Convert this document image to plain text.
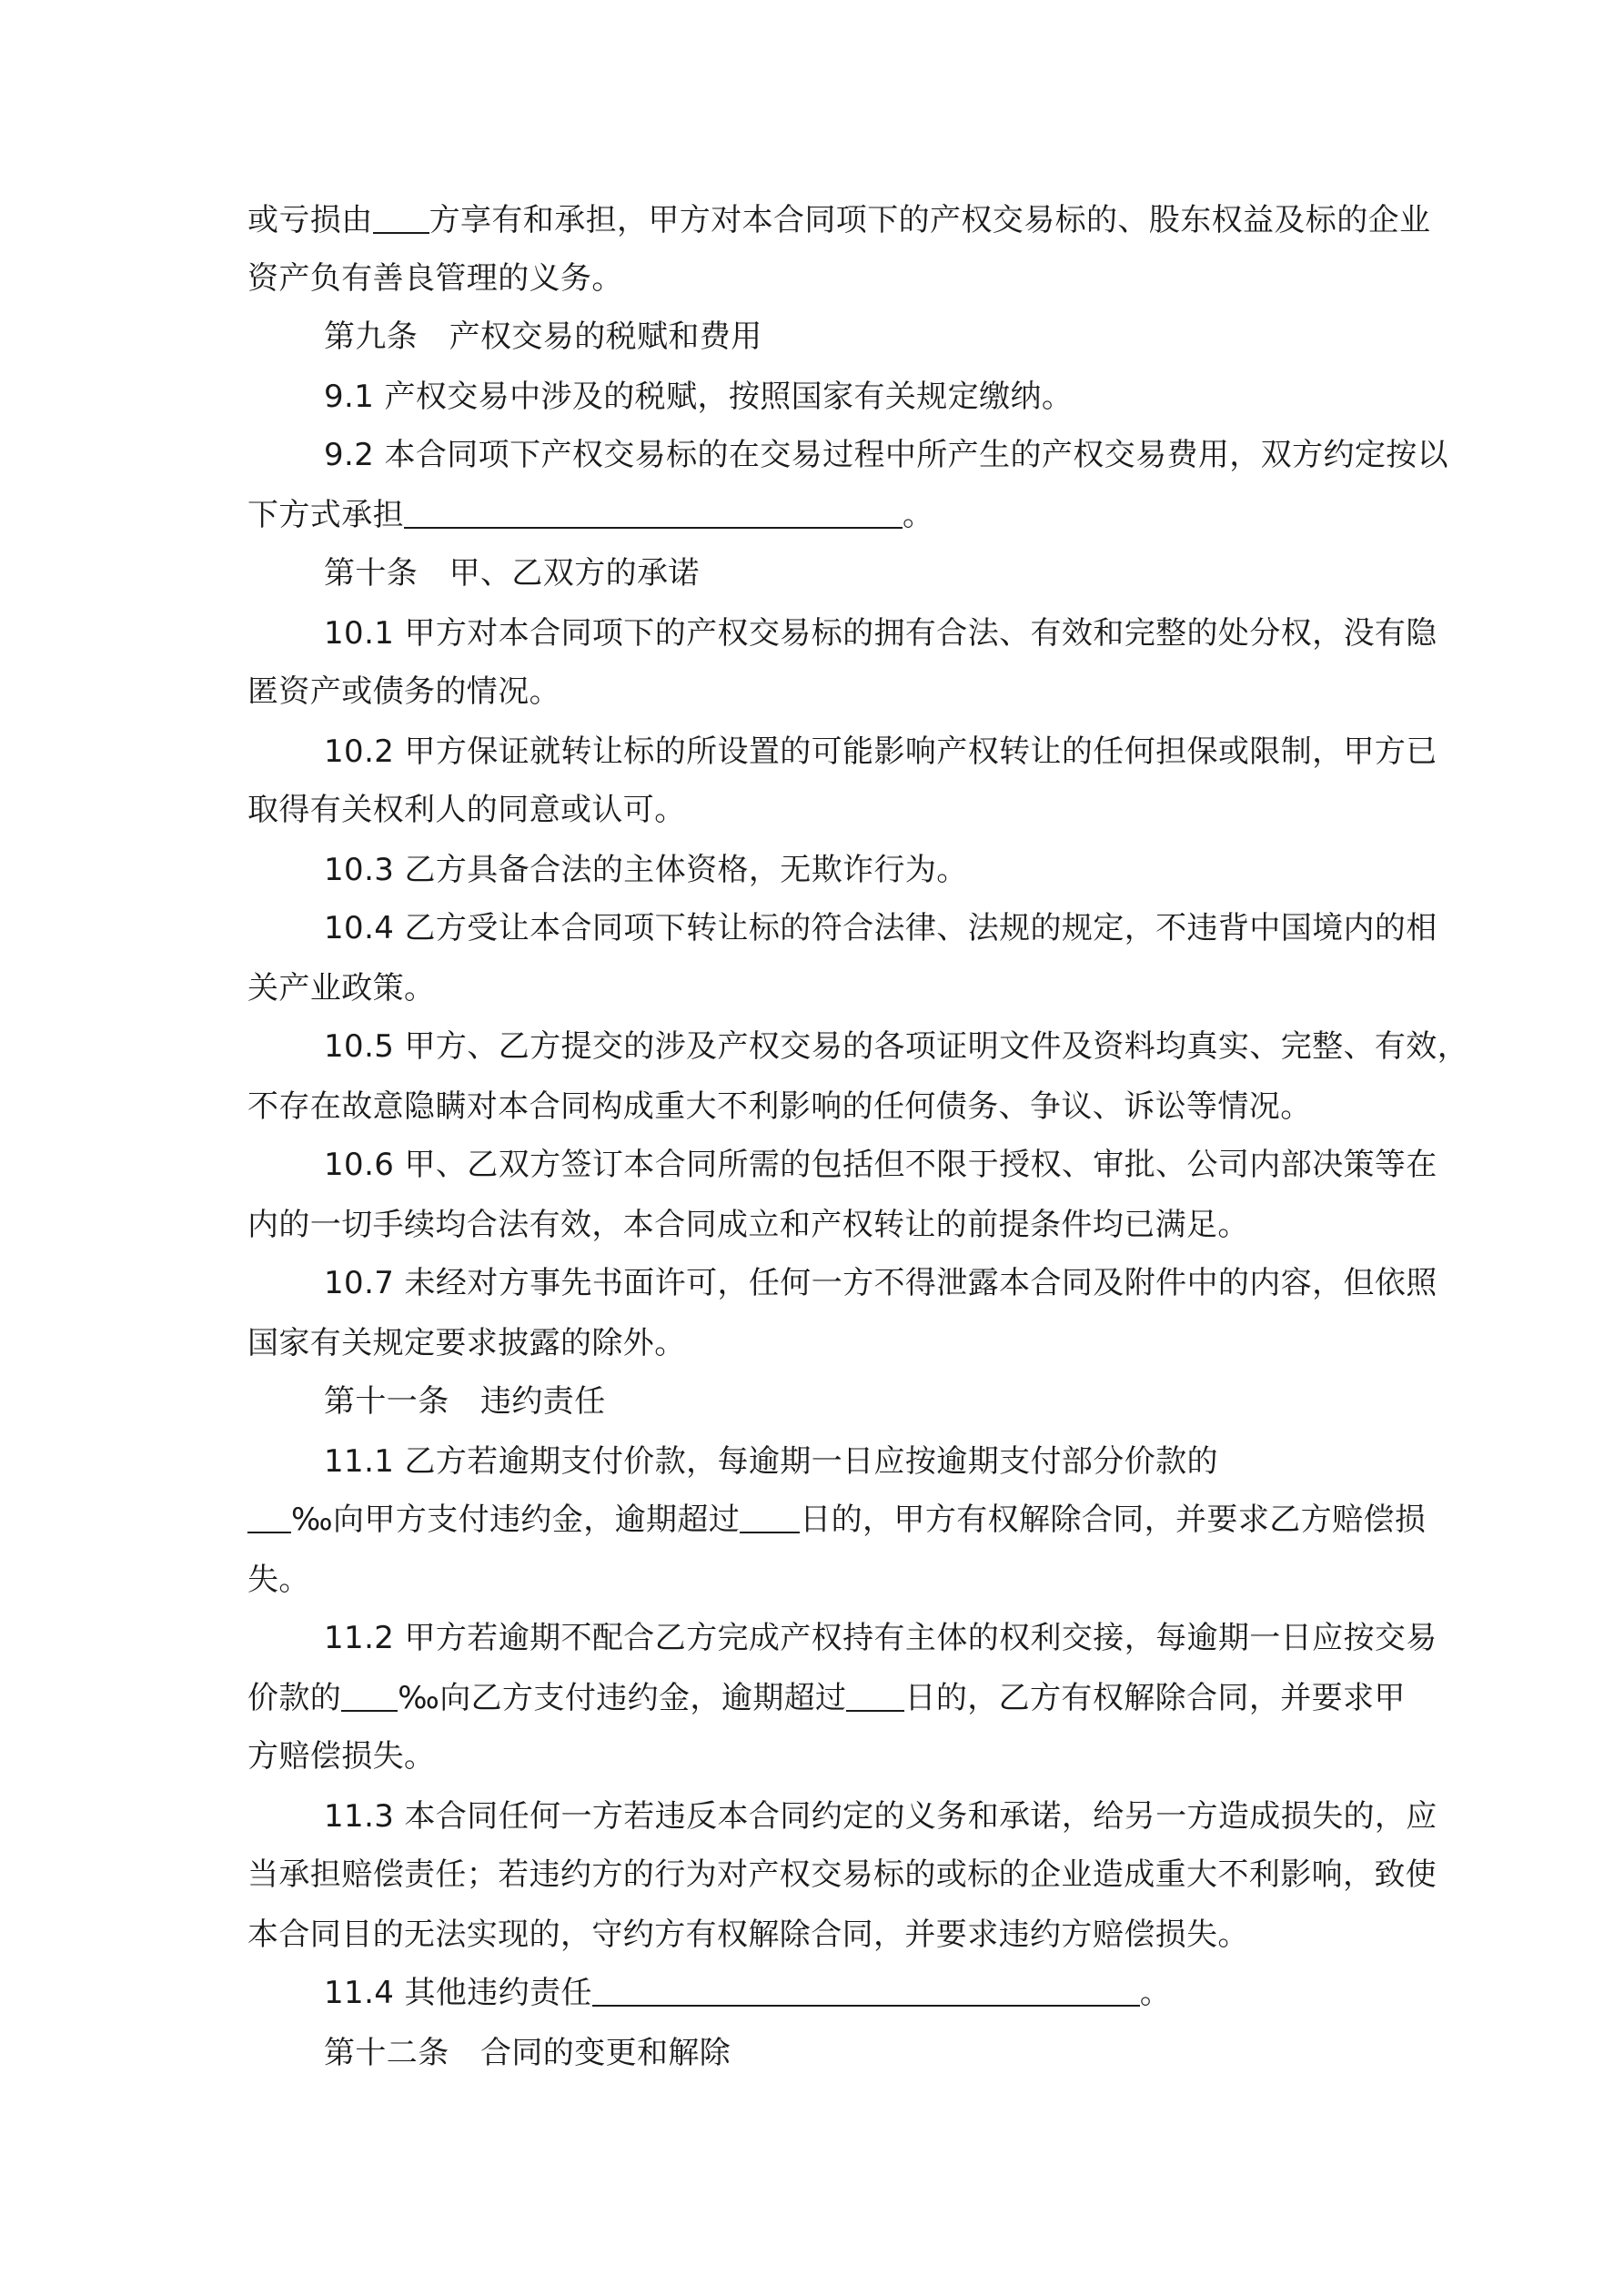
或亏损由 方享有和承担，甲方对本合同项下的产权交易标的、股东权益及标的企业
资产负有善良管理的义务。
第九条　产权交易的税赋和费用
9.1 产权交易中涉及的税赋，按照国家有关规定缴纳。
9.2 本合同项下产权交易标的在交易过程中所产生的产权交易费用，双方约定按以
下方式承担	。
第十条　甲、乙双方的承诺
10.1 甲方对本合同项下的产权交易标的拥有合法、有效和完整的处分权，没有隐
匿资产或债务的情况。
10.2 甲方保证就转让标的所设置的可能影响产权转让的任何担保或限制，甲方已
取得有关权利人的同意或认可。
10.3 乙方具备合法的主体资格，无欺诈行为。
10.4 乙方受让本合同项下转让标的符合法律、法规的规定，不违背中国境内的相
关产业政策。
10.5 甲方、乙方提交的涉及产权交易的各项证明文件及资料均真实、完整、有效，
不存在故意隐瞒对本合同构成重大不利影响的任何债务、争议、诉讼等情况。
10.6 甲、乙双方签订本合同所需的包括但不限于授权、审批、公司内部决策等在
内的一切手续均合法有效，本合同成立和产权转让的前提条件均已满足。
10.7 未经对方事先书面许可，任何一方不得泄露本合同及附件中的内容，但依照
国家有关规定要求披露的除外。
第十一条　违约责任
11.1 乙方若逾期支付价款，每逾期一日应按逾期支付部分价款的
‰向甲方支付违约金，逾期超过 日的，甲方有权解除合同，并要求乙方赔偿损
失。
11.2 甲方若逾期不配合乙方完成产权持有主体的权利交接，每逾期一日应按交易
价款的 ‰向乙方支付违约金，逾期超过 日的，乙方有权解除合同，并要求甲
方赔偿损失。
11.3 本合同任何一方若违反本合同约定的义务和承诺，给另一方造成损失的，应
当承担赔偿责任；若违约方的行为对产权交易标的或标的企业造成重大不利影响，致使
本合同目的无法实现的，守约方有权解除合同，并要求违约方赔偿损失。
11.4 其他违约责任	。
第十二条　合同的变更和解除
